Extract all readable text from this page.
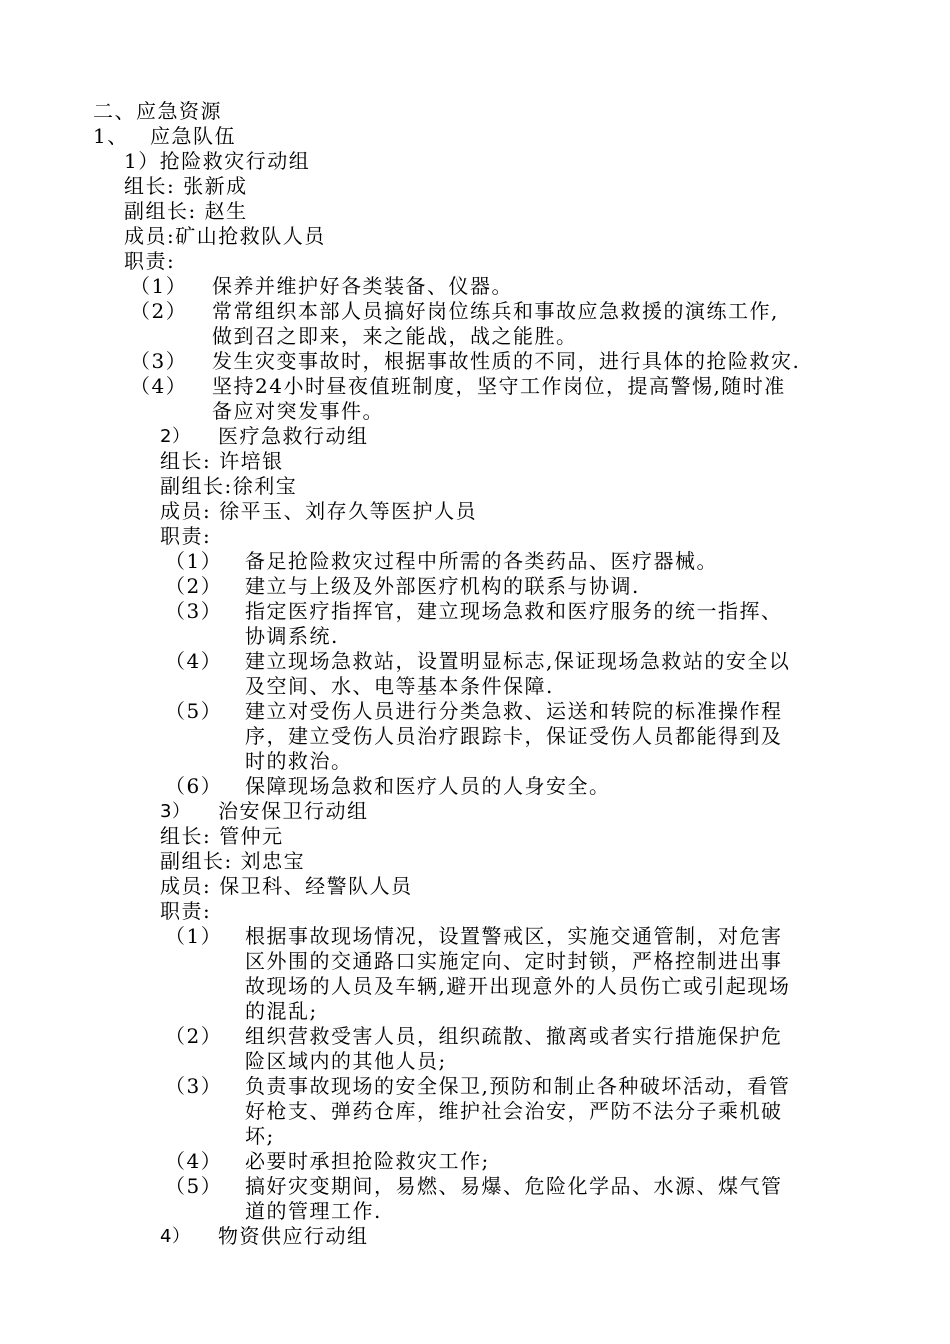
二、应急资源
1、 应急队伍
1）抢险救灾行动组
组长: 张新成
副组长: 赵生
成员:矿山抢救队人员
职责:
（1） 保养并维护好各类装备、仪器。
（2） 常常组织本部人员搞好岗位练兵和事故应急救援的演练工作,
做到召之即来，来之能战，战之能胜。
（3） 发生灾变事故时，根据事故性质的不同，进行具体的抢险救灾.
（4） 坚持24小时昼夜值班制度，坚守工作岗位，提高警惕,随时准
备应对突发事件。
2） 医疗急救行动组
组长: 许培银
副组长:徐利宝
成员: 徐平玉、刘存久等医护人员
职责:
（1） 备足抢险救灾过程中所需的各类药品、医疗器械。
（2） 建立与上级及外部医疗机构的联系与协调.
（3） 指定医疗指挥官，建立现场急救和医疗服务的统一指挥、
协调系统.
（4） 建立现场急救站，设置明显标志,保证现场急救站的安全以
及空间、水、电等基本条件保障.
（5） 建立对受伤人员进行分类急救、运送和转院的标准操作程
序，建立受伤人员治疗跟踪卡，保证受伤人员都能得到及
时的救治。
（6） 保障现场急救和医疗人员的人身安全。
3） 治安保卫行动组
组长: 管仲元
副组长: 刘忠宝
成员: 保卫科、经警队人员
职责:
（1） 根据事故现场情况，设置警戒区，实施交通管制，对危害
区外围的交通路口实施定向、定时封锁，严格控制进出事
故现场的人员及车辆,避开出现意外的人员伤亡或引起现场
的混乱;
（2） 组织营救受害人员，组织疏散、撤离或者实行措施保护危
险区域内的其他人员;
（3） 负责事故现场的安全保卫,预防和制止各种破坏活动，看管
好枪支、弹药仓库，维护社会治安，严防不法分子乘机破
坏;
（4） 必要时承担抢险救灾工作;
（5） 搞好灾变期间，易燃、易爆、危险化学品、水源、煤气管
道的管理工作.
4） 物资供应行动组
